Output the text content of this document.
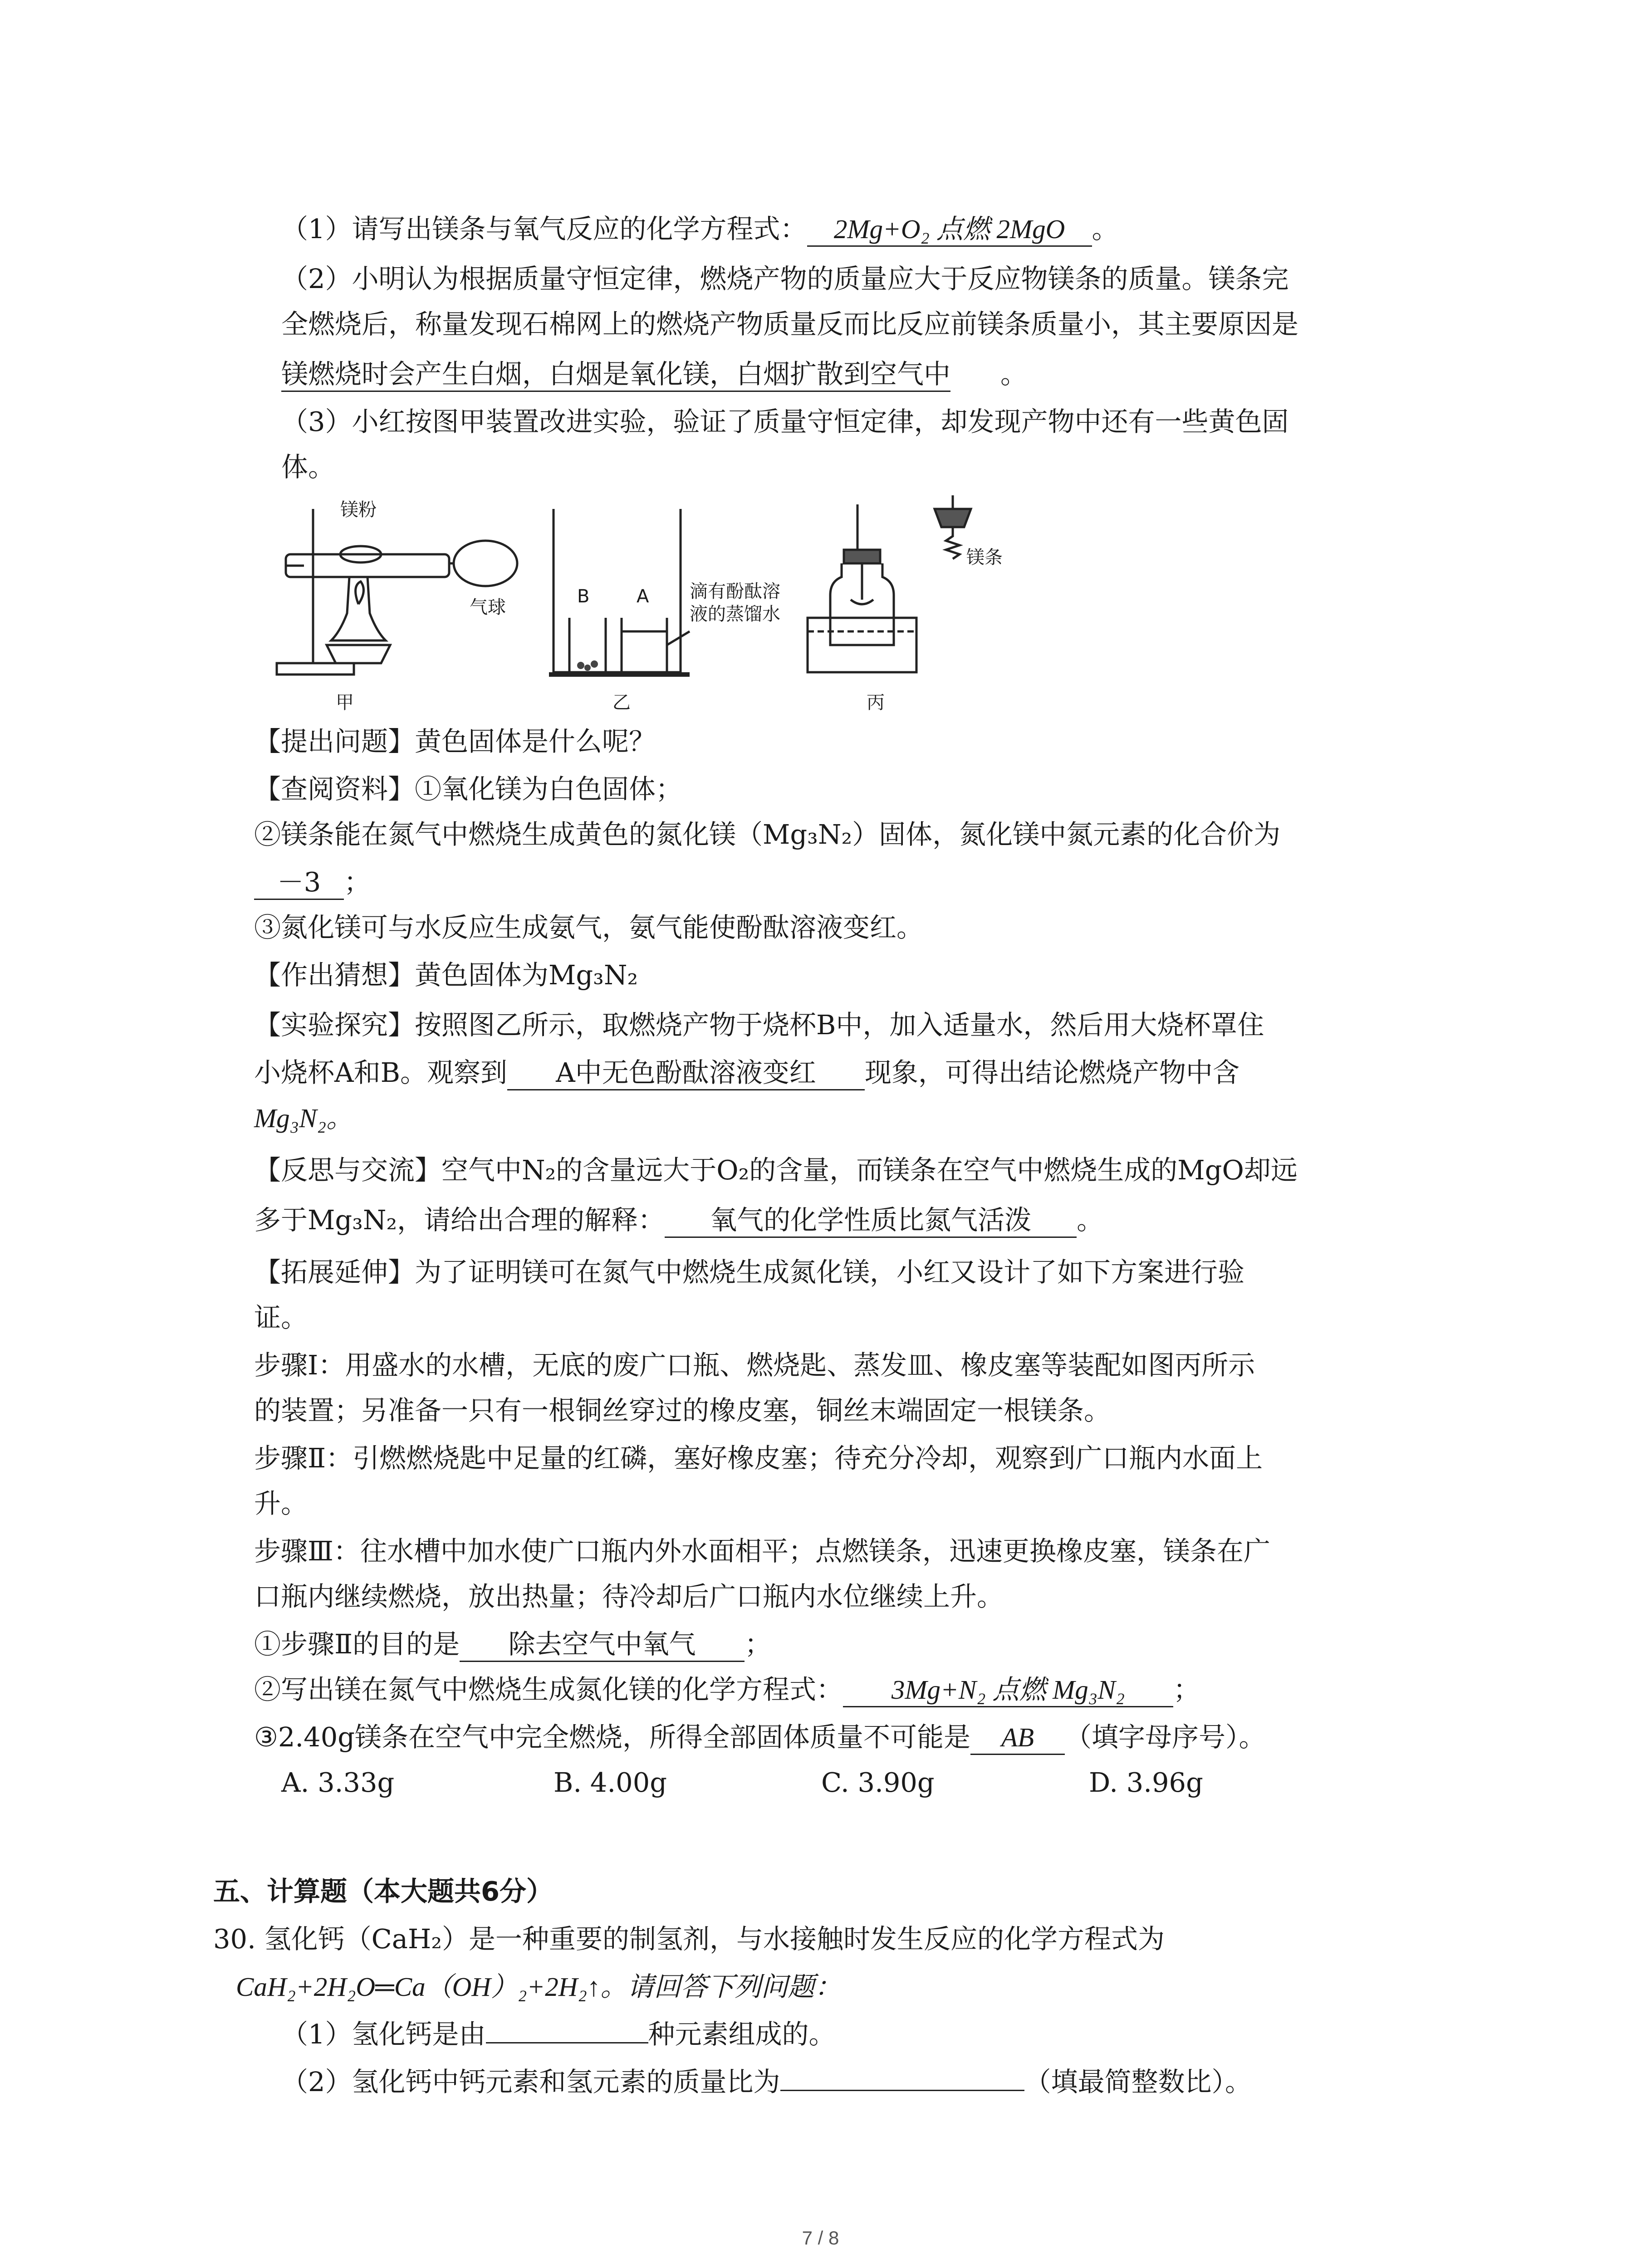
（1）请写出镁条与氧气反应的化学方程式： 2Mg+O₂ 点燃 2MgO 。
（2）小明认为根据质量守恒定律，燃烧产物的质量应大于反应物镁条的质量。镁条完
全燃烧后，称量发现石棉网上的燃烧产物质量反而比反应前镁条质量小，其主要原因是
镁燃烧时会产生白烟，白烟是氧化镁，白烟扩散到空气中 。
（3）小红按图甲装置改进实验，验证了质量守恒定律，却发现产物中还有一些黄色固
体。
镁粉
气球
甲
B	A 滴有酚酞溶
液的蒸馏水
乙
镁条
丙
【提出问题】黄色固体是什么呢？
【查阅资料】①氧化镁为白色固体；
②镁条能在氮气中燃烧生成黄色的氮化镁（Mg₃N₂）固体，氮化镁中氮元素的化合价为
－3 ；
③氮化镁可与水反应生成氨气，氨气能使酚酞溶液变红。
【作出猜想】黄色固体为Mg₃N₂
【实验探究】按照图乙所示，取燃烧产物于烧杯B中，加入适量水，然后用大烧杯罩住
小烧杯A和B。观察到 A中无色酚酞溶液变红 现象，可得出结论燃烧产物中含
Mg₃N₂。
【反思与交流】空气中N₂的含量远大于O₂的含量，而镁条在空气中燃烧生成的MgO却远
多于Mg₃N₂，请给出合理的解释： 氧气的化学性质比氮气活泼 。
【拓展延伸】为了证明镁可在氮气中燃烧生成氮化镁，小红又设计了如下方案进行验
证。
步骤Ⅰ：用盛水的水槽，无底的废广口瓶、燃烧匙、蒸发皿、橡皮塞等装配如图丙所示
的装置；另准备一只有一根铜丝穿过的橡皮塞，铜丝末端固定一根镁条。
步骤Ⅱ：引燃燃烧匙中足量的红磷，塞好橡皮塞；待充分冷却，观察到广口瓶内水面上
升。
步骤Ⅲ：往水槽中加水使广口瓶内外水面相平；点燃镁条，迅速更换橡皮塞，镁条在广
口瓶内继续燃烧，放出热量；待冷却后广口瓶内水位继续上升。
①步骤Ⅱ的目的是 除去空气中氧气 ；
②写出镁在氮气中燃烧生成氮化镁的化学方程式： 3Mg+N₂ 点燃 Mg₃N₂ ；
③2.40g镁条在空气中完全燃烧，所得全部固体质量不可能是 AB （填字母序号）。
A. 3.33g	B. 4.00g	C. 3.90g	D. 3.96g
五、计算题（本大题共6分）
30. 氢化钙（CaH₂）是一种重要的制氢剂，与水接触时发生反应的化学方程式为
CaH₂+2H₂O═Ca（OH）₂+2H₂↑。请回答下列问题：
（1）氢化钙是由	种元素组成的。
（2）氢化钙中钙元素和氢元素的质量比为	（填最简整数比）。
7 / 8
